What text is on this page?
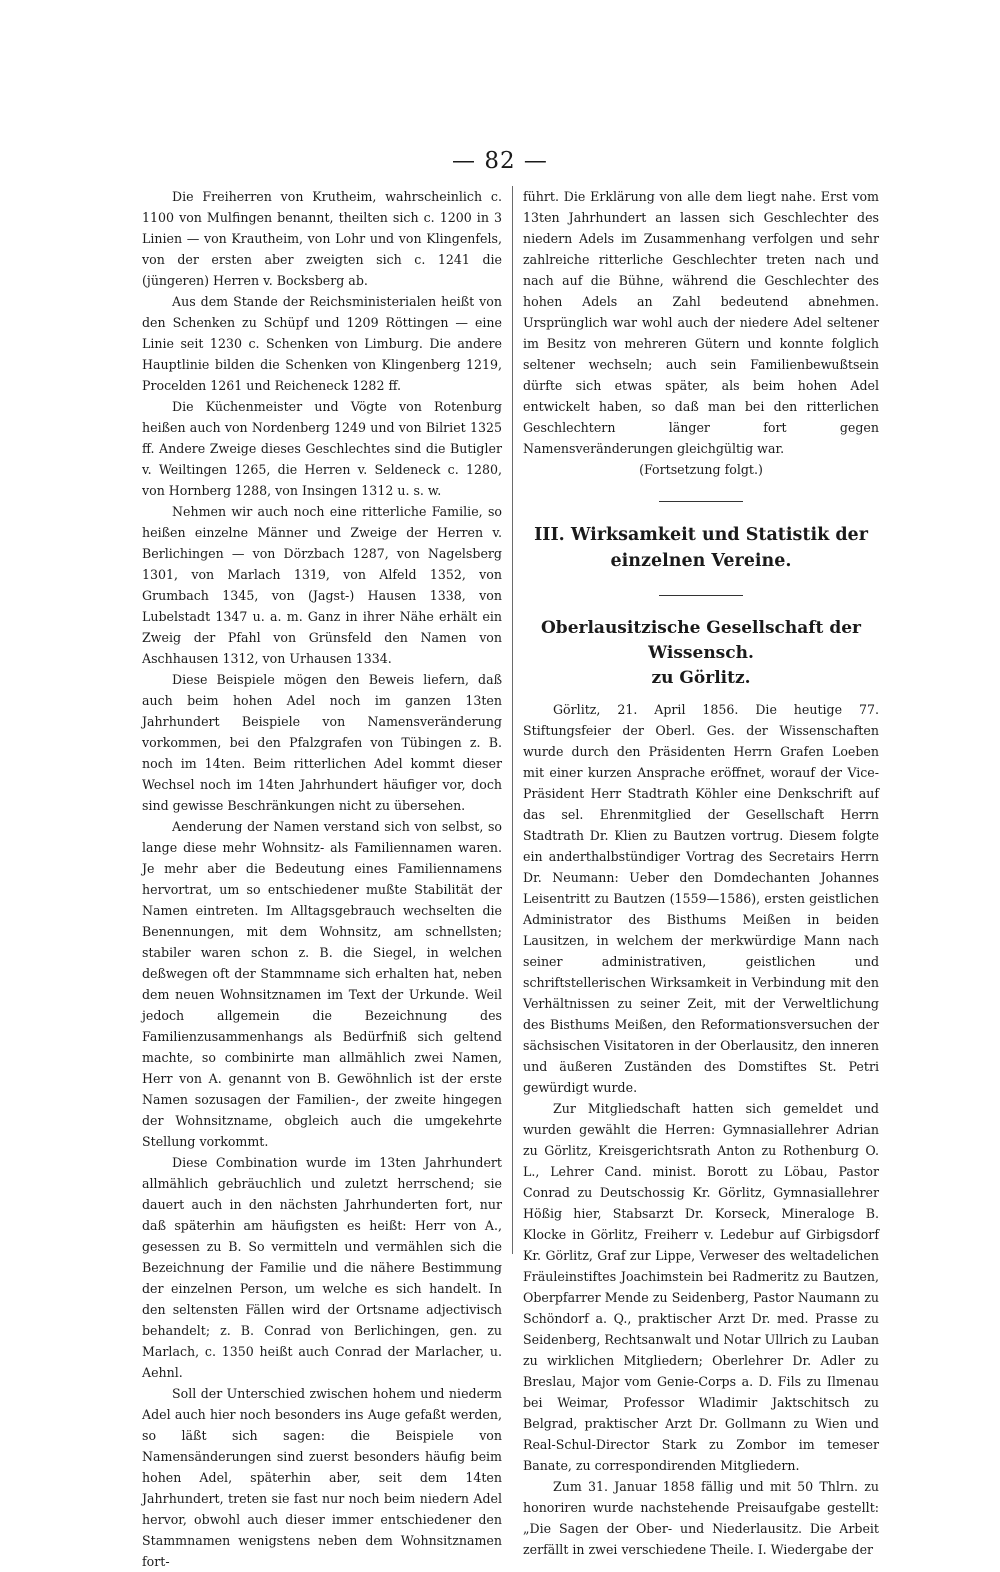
— 82 —

Die Freiherren von Krutheim, wahrscheinlich c. 1100 von Mulfingen benannt, theilten sich c. 1200 in 3 Linien — von Krautheim, von Lohr und von Klingenfels, von der ersten aber zweigten sich c. 1241 die (jüngeren) Herren v. Bocksberg ab.

Aus dem Stande der Reichsministerialen heißt von den Schenken zu Schüpf und 1209 Röttingen — eine Linie seit 1230 c. Schenken von Limburg. Die andere Hauptlinie bilden die Schenken von Klingenberg 1219, Procelden 1261 und Reicheneck 1282 ff.

Die Küchenmeister und Vögte von Rotenburg heißen auch von Nordenberg 1249 und von Bilriet 1325 ff. Andere Zweige dieses Geschlechtes sind die Butigler v. Weiltingen 1265, die Herren v. Seldeneck c. 1280, von Hornberg 1288, von Insingen 1312 u. s. w.

Nehmen wir auch noch eine ritterliche Familie, so heißen einzelne Männer und Zweige der Herren v. Berlichingen — von Dörzbach 1287, von Nagelsberg 1301, von Marlach 1319, von Alfeld 1352, von Grumbach 1345, von (Jagst-) Hausen 1338, von Lubelstadt 1347 u. a. m. Ganz in ihrer Nähe erhält ein Zweig der Pfahl von Grünsfeld den Namen von Aschhausen 1312, von Urhausen 1334.

Diese Beispiele mögen den Beweis liefern, daß auch beim hohen Adel noch im ganzen 13ten Jahrhundert Beispiele von Namensveränderung vorkommen, bei den Pfalzgrafen von Tübingen z. B. noch im 14ten. Beim ritterlichen Adel kommt dieser Wechsel noch im 14ten Jahrhundert häufiger vor, doch sind gewisse Beschränkungen nicht zu übersehen.

Aenderung der Namen verstand sich von selbst, so lange diese mehr Wohnsitz- als Familiennamen waren. Je mehr aber die Bedeutung eines Familiennamens hervortrat, um so entschiedener mußte Stabilität der Namen eintreten. Im Alltagsgebrauch wechselten die Benennungen, mit dem Wohnsitz, am schnellsten; stabiler waren schon z. B. die Siegel, in welchen deßwegen oft der Stammname sich erhalten hat, neben dem neuen Wohnsitznamen im Text der Urkunde. Weil jedoch allgemein die Bezeichnung des Familienzusammenhangs als Bedürfniß sich geltend machte, so combinirte man allmählich zwei Namen, Herr von A. genannt von B. Gewöhnlich ist der erste Namen sozusagen der Familien-, der zweite hingegen der Wohnsitzname, obgleich auch die umgekehrte Stellung vorkommt.

Diese Combination wurde im 13ten Jahrhundert allmählich gebräuchlich und zuletzt herrschend; sie dauert auch in den nächsten Jahrhunderten fort, nur daß späterhin am häufigsten es heißt: Herr von A., gesessen zu B. So vermitteln und vermählen sich die Bezeichnung der Familie und die nähere Bestimmung der einzelnen Person, um welche es sich handelt. In den seltensten Fällen wird der Ortsname adjectivisch behandelt; z. B. Conrad von Berlichingen, gen. zu Marlach, c. 1350 heißt auch Conrad der Marlacher, u. Aehnl.

Soll der Unterschied zwischen hohem und niederm Adel auch hier noch besonders ins Auge gefaßt werden, so läßt sich sagen: die Beispiele von Namensänderungen sind zuerst besonders häufig beim hohen Adel, späterhin aber, seit dem 14ten Jahrhundert, treten sie fast nur noch beim niedern Adel hervor, obwohl auch dieser immer entschiedener den Stammnamen wenigstens neben dem Wohnsitznamen fort-

führt. Die Erklärung von alle dem liegt nahe. Erst vom 13ten Jahrhundert an lassen sich Geschlechter des niedern Adels im Zusammenhang verfolgen und sehr zahlreiche ritterliche Geschlechter treten nach und nach auf die Bühne, während die Geschlechter des hohen Adels an Zahl bedeutend abnehmen. Ursprünglich war wohl auch der niedere Adel seltener im Besitz von mehreren Gütern und konnte folglich seltener wechseln; auch sein Familienbewußtsein dürfte sich etwas später, als beim hohen Adel entwickelt haben, so daß man bei den ritterlichen Geschlechtern länger fort gegen Namensveränderungen gleichgültig war.

(Fortsetzung folgt.)

III. Wirksamkeit und Statistik der
einzelnen Vereine.
Oberlausitzische Gesellschaft der Wissensch.
zu Görlitz.

Görlitz, 21. April 1856. Die heutige 77. Stiftungsfeier der Oberl. Ges. der Wissenschaften wurde durch den Präsidenten Herrn Grafen Loeben mit einer kurzen Ansprache eröffnet, worauf der Vice-Präsident Herr Stadtrath Köhler eine Denkschrift auf das sel. Ehrenmitglied der Gesellschaft Herrn Stadtrath Dr. Klien zu Bautzen vortrug. Diesem folgte ein anderthalbstündiger Vortrag des Secretairs Herrn Dr. Neumann: Ueber den Domdechanten Johannes Leisentritt zu Bautzen (1559—1586), ersten geistlichen Administrator des Bisthums Meißen in beiden Lausitzen, in welchem der merkwürdige Mann nach seiner administrativen, geistlichen und schriftstellerischen Wirksamkeit in Verbindung mit den Verhältnissen zu seiner Zeit, mit der Verweltlichung des Bisthums Meißen, den Reformationsversuchen der sächsischen Visitatoren in der Oberlausitz, den inneren und äußeren Zuständen des Domstiftes St. Petri gewürdigt wurde.

Zur Mitgliedschaft hatten sich gemeldet und wurden gewählt die Herren: Gymnasiallehrer Adrian zu Görlitz, Kreisgerichtsrath Anton zu Rothenburg O. L., Lehrer Cand. minist. Borott zu Löbau, Pastor Conrad zu Deutschossig Kr. Görlitz, Gymnasiallehrer Hößig hier, Stabsarzt Dr. Korseck, Mineraloge B. Klocke in Görlitz, Freiherr v. Ledebur auf Girbigsdorf Kr. Görlitz, Graf zur Lippe, Verweser des weltadelichen Fräuleinstiftes Joachimstein bei Radmeritz zu Bautzen, Oberpfarrer Mende zu Seidenberg, Pastor Naumann zu Schöndorf a. Q., praktischer Arzt Dr. med. Prasse zu Seidenberg, Rechtsanwalt und Notar Ullrich zu Lauban zu wirklichen Mitgliedern; Oberlehrer Dr. Adler zu Breslau, Major vom Genie-Corps a. D. Fils zu Ilmenau bei Weimar, Professor Wladimir Jaktschitsch zu Belgrad, praktischer Arzt Dr. Gollmann zu Wien und Real-Schul-Director Stark zu Zombor im temeser Banate, zu correspondirenden Mitgliedern.

Zum 31. Januar 1858 fällig und mit 50 Thlrn. zu honoriren wurde nachstehende Preisaufgabe gestellt: „Die Sagen der Ober- und Niederlausitz. Die Arbeit zerfällt in zwei verschiedene Theile. I. Wiedergabe der
